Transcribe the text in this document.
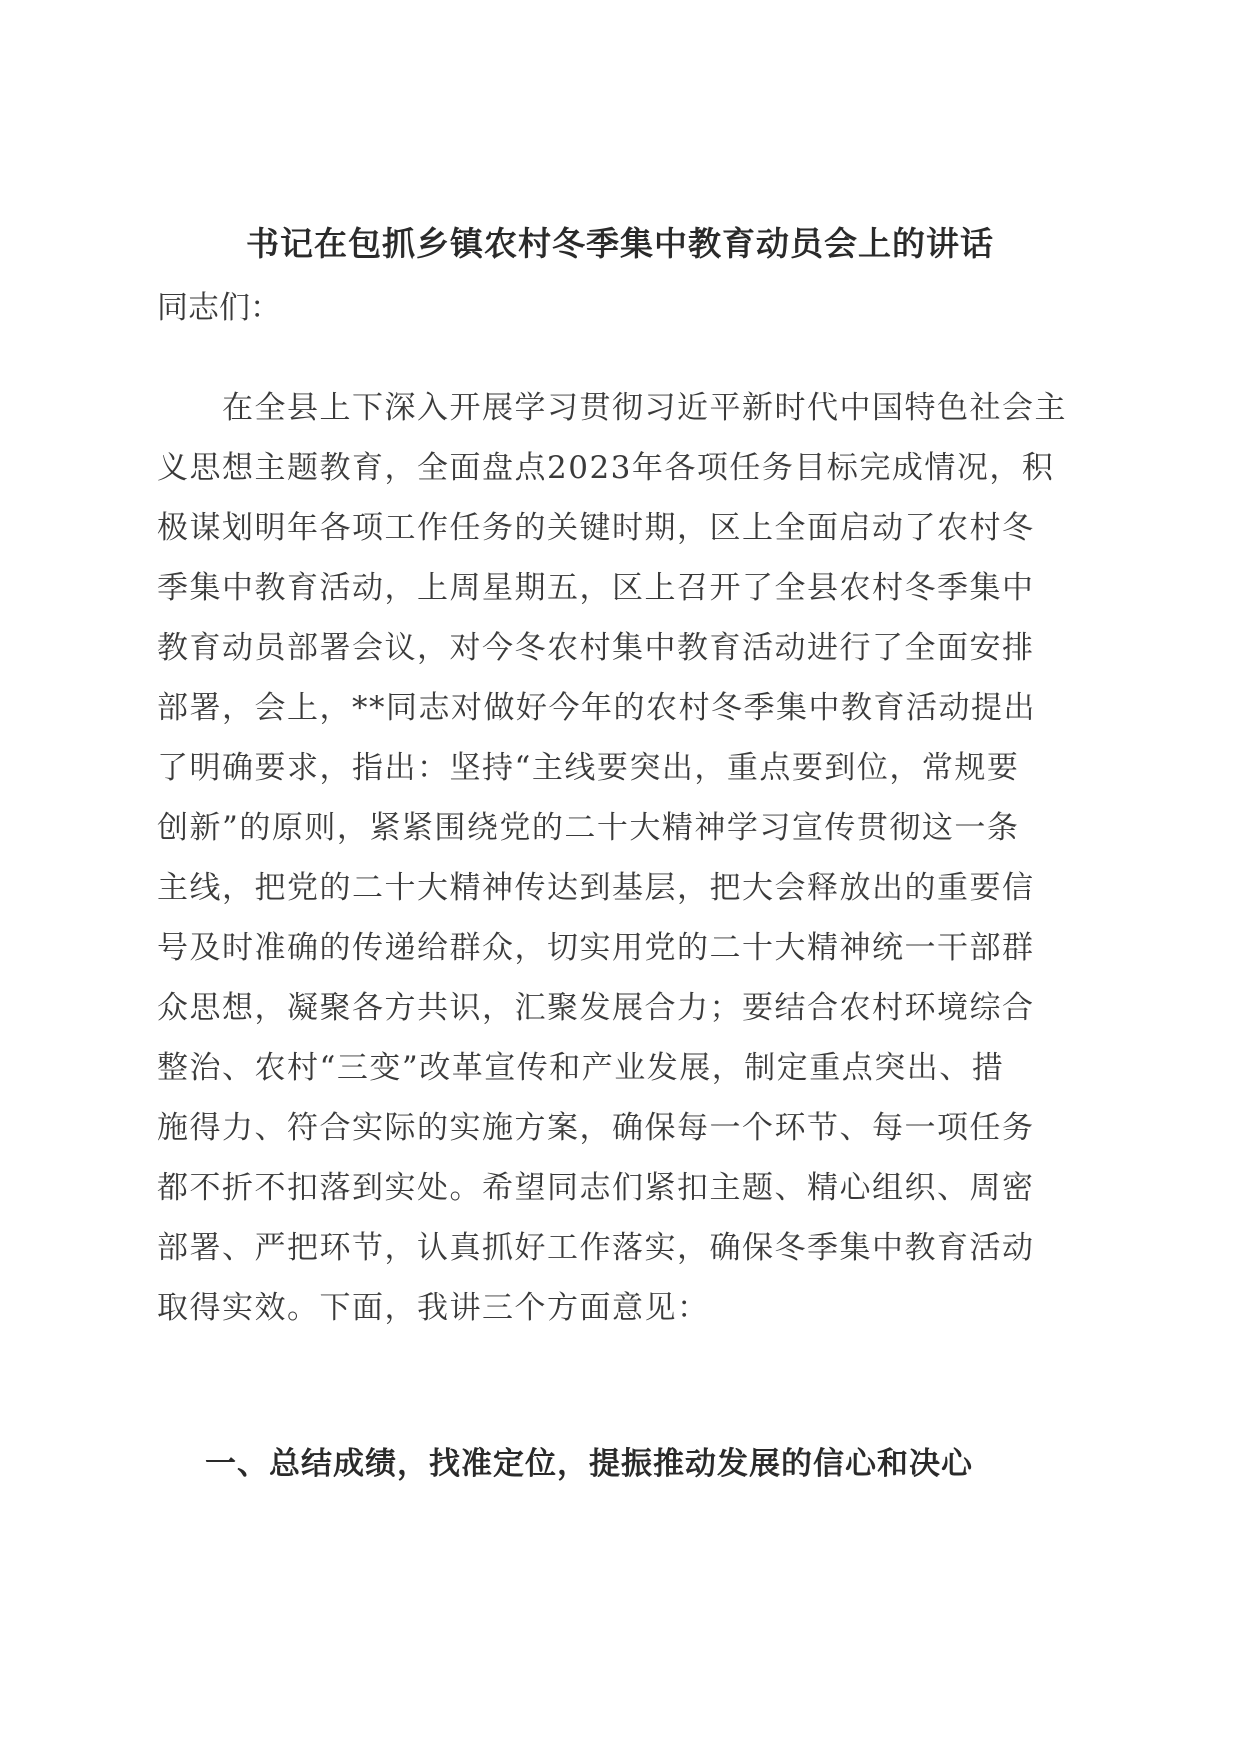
书记在包抓乡镇农村冬季集中教育动员会上的讲话
同志们：
　　在全县上下深入开展学习贯彻习近平新时代中国特色社会主
义思想主题教育，全面盘点2023年各项任务目标完成情况，积
极谋划明年各项工作任务的关键时期，区上全面启动了农村冬
季集中教育活动，上周星期五，区上召开了全县农村冬季集中
教育动员部署会议，对今冬农村集中教育活动进行了全面安排
部署，会上，**同志对做好今年的农村冬季集中教育活动提出
了明确要求，指出：坚持“主线要突出，重点要到位，常规要
创新”的原则，紧紧围绕党的二十大精神学习宣传贯彻这一条
主线，把党的二十大精神传达到基层，把大会释放出的重要信
号及时准确的传递给群众，切实用党的二十大精神统一干部群
众思想，凝聚各方共识，汇聚发展合力；要结合农村环境综合
整治、农村“三变”改革宣传和产业发展，制定重点突出、措
施得力、符合实际的实施方案，确保每一个环节、每一项任务
都不折不扣落到实处。希望同志们紧扣主题、精心组织、周密
部署、严把环节，认真抓好工作落实，确保冬季集中教育活动
取得实效。下面，我讲三个方面意见：
一、总结成绩，找准定位，提振推动发展的信心和决心
